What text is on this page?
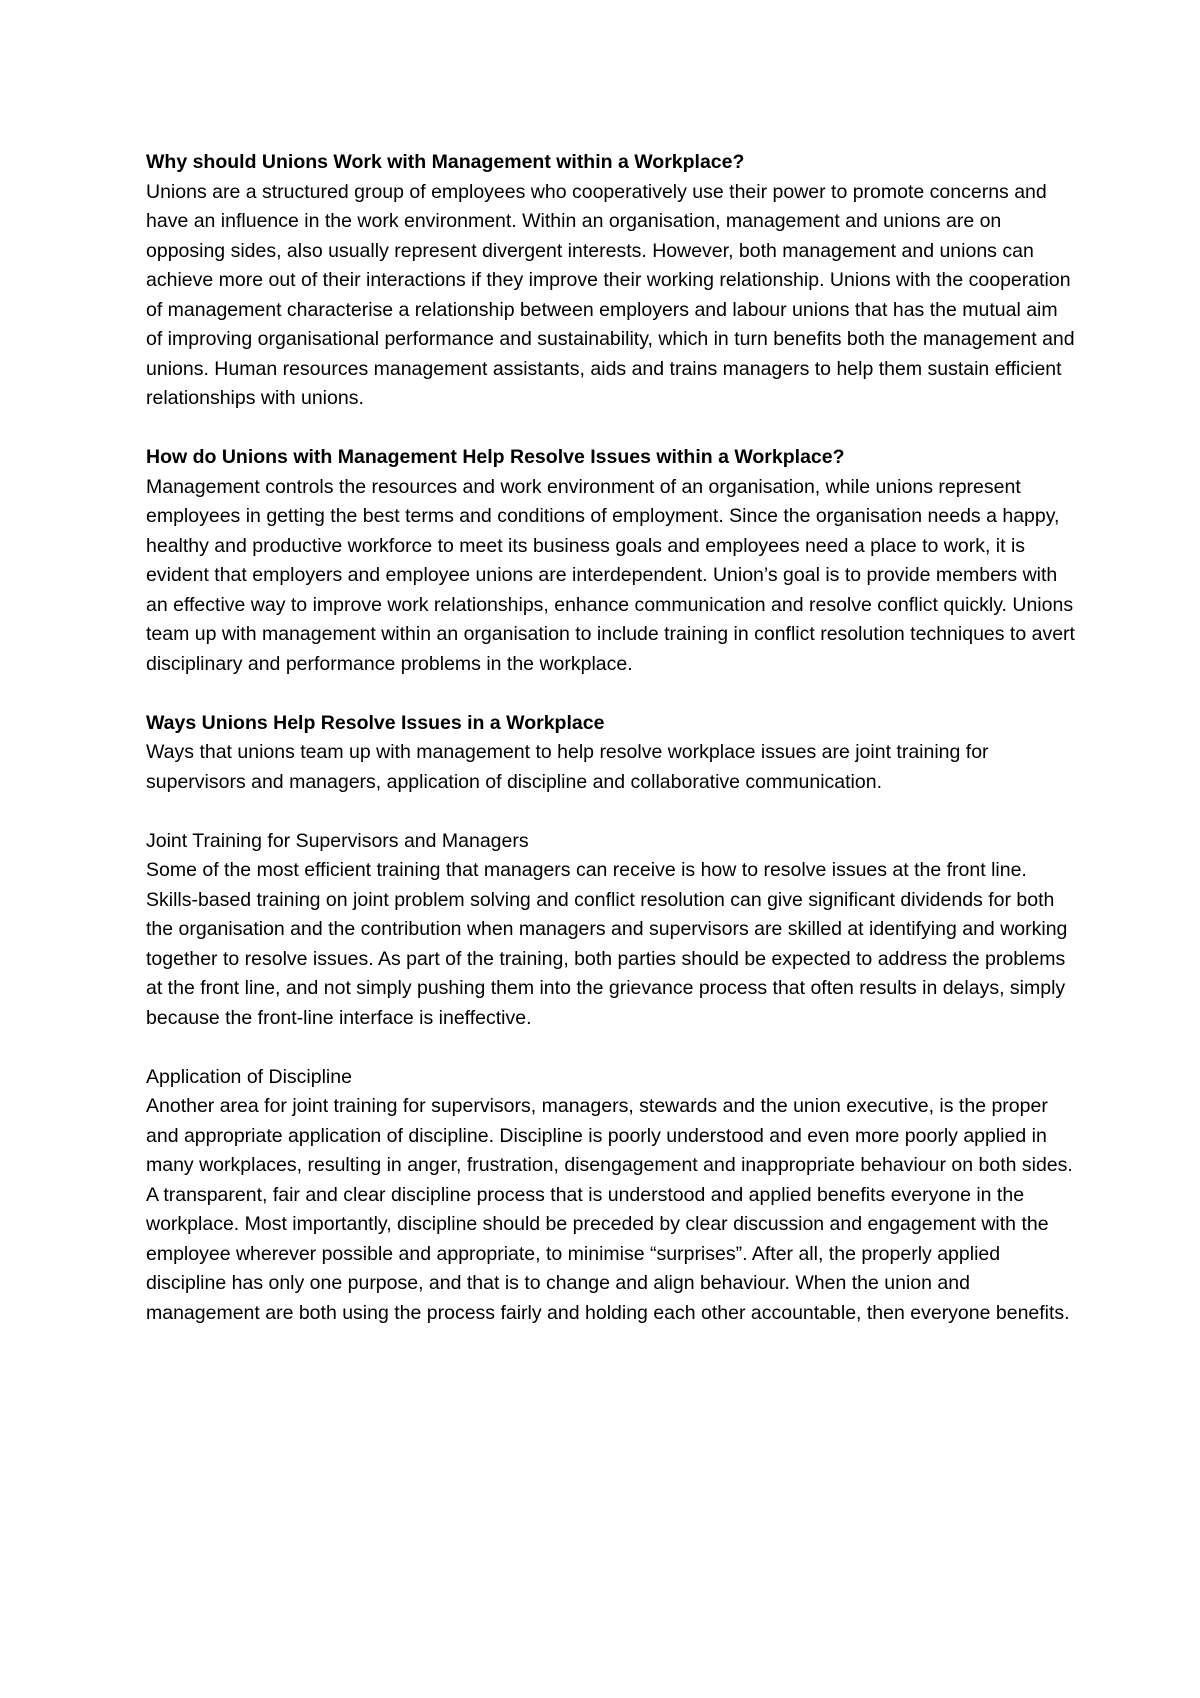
Why should Unions Work with Management within a Workplace?

Unions are a structured group of employees who cooperatively use their power to promote concerns and have an influence in the work environment. Within an organisation, management and unions are on opposing sides, also usually represent divergent interests. However, both management and unions can achieve more out of their interactions if they improve their working relationship. Unions with the cooperation of management characterise a relationship between employers and labour unions that has the mutual aim of improving organisational performance and sustainability, which in turn benefits both the management and unions. Human resources management assistants, aids and trains managers to help them sustain efficient relationships with unions.

How do Unions with Management Help Resolve Issues within a Workplace?

Management controls the resources and work environment of an organisation, while unions represent employees in getting the best terms and conditions of employment. Since the organisation needs a happy, healthy and productive workforce to meet its business goals and employees need a place to work, it is evident that employers and employee unions are interdependent. Union’s goal is to provide members with an effective way to improve work relationships, enhance communication and resolve conflict quickly. Unions team up with management within an organisation to include training in conflict resolution techniques to avert disciplinary and performance problems in the workplace.

Ways Unions Help Resolve Issues in a Workplace

Ways that unions team up with management to help resolve workplace issues are joint training for supervisors and managers, application of discipline and collaborative communication.

Joint Training for Supervisors and Managers

Some of the most efficient training that managers can receive is how to resolve issues at the front line. Skills-based training on joint problem solving and conflict resolution can give significant dividends for both the organisation and the contribution when managers and supervisors are skilled at identifying and working together to resolve issues. As part of the training, both parties should be expected to address the problems at the front line, and not simply pushing them into the grievance process that often results in delays, simply because the front-line interface is ineffective.

Application of Discipline

Another area for joint training for supervisors, managers, stewards and the union executive, is the proper and appropriate application of discipline. Discipline is poorly understood and even more poorly applied in many workplaces, resulting in anger, frustration, disengagement and inappropriate behaviour on both sides. A transparent, fair and clear discipline process that is understood and applied benefits everyone in the workplace. Most importantly, discipline should be preceded by clear discussion and engagement with the employee wherever possible and appropriate, to minimise “surprises”. After all, the properly applied discipline has only one purpose, and that is to change and align behaviour. When the union and management are both using the process fairly and holding each other accountable, then everyone benefits.
